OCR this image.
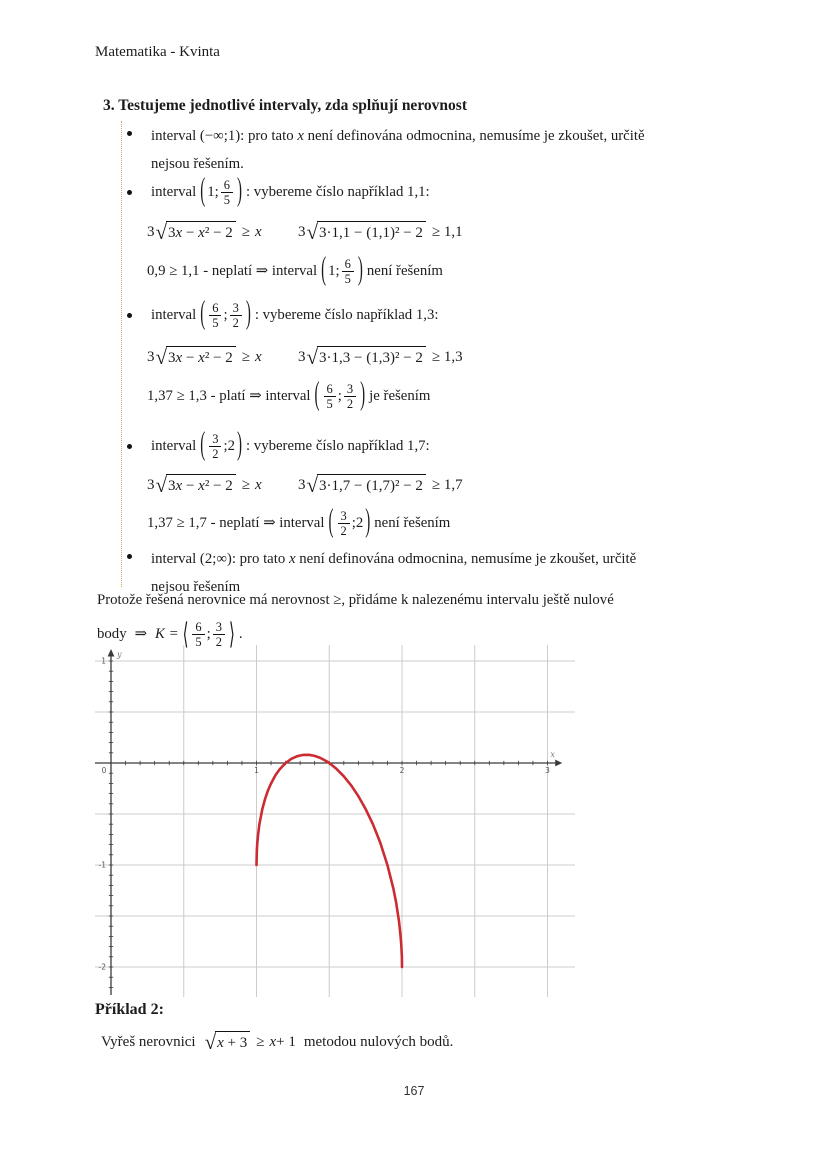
Matematika - Kvinta
3. Testujeme jednotlivé intervaly, zda splňují nerovnost
interval (−∞;1): pro tato x není definována odmocnina, nemusíme je zkoušet, určitě
nejsou řešením.
interval ( 1 ; $\frac{6}{5}$ ) : vybereme číslo například 1,1:
3 √ 3x − x² − 2 ≥ x 3 √ 3·1,1 − (1,1)² − 2 ≥ 1,1
0,9 ≥ 1,1 - neplatí ⇒ interval ( 1 ; $\frac{6}{5}$ ) není řešením
interval ( $\frac{6}{5}$ ; $\frac{3}{2}$ ) : vybereme číslo například 1,3:
3 √ 3x − x² − 2 ≥ x 3 √ 3·1,3 − (1,3)² − 2 ≥ 1,3
1,37 ≥ 1,3 - platí ⇒ interval ( $\frac{6}{5}$ ; $\frac{3}{2}$ ) je řešením
interval ( $\frac{3}{2}$ ; 2 ) : vybereme číslo například 1,7:
3 √ 3x − x² − 2 ≥ x 3 √ 3·1,7 − (1,7)² − 2 ≥ 1,7
1,37 ≥ 1,7 - neplatí ⇒ interval ( $\frac{3}{2}$ ; 2 ) není řešením
interval (2;∞): pro tato x není definována odmocnina, nemusíme je zkoušet, určitě
nejsou řešením
Protože řešená nerovnice má nerovnost ≥, přidáme k nalezenému intervalu ještě nulové
body ⇒ K = ⟨ $\frac{6}{5}$ ; $\frac{3}{2}$ ⟩ .
0	1	2	3
1
-1
-2
x
y
Příklad 2:
Vyřeš nerovnici √ x + 3 ≥ x + 1 metodou nulových bodů.
167
